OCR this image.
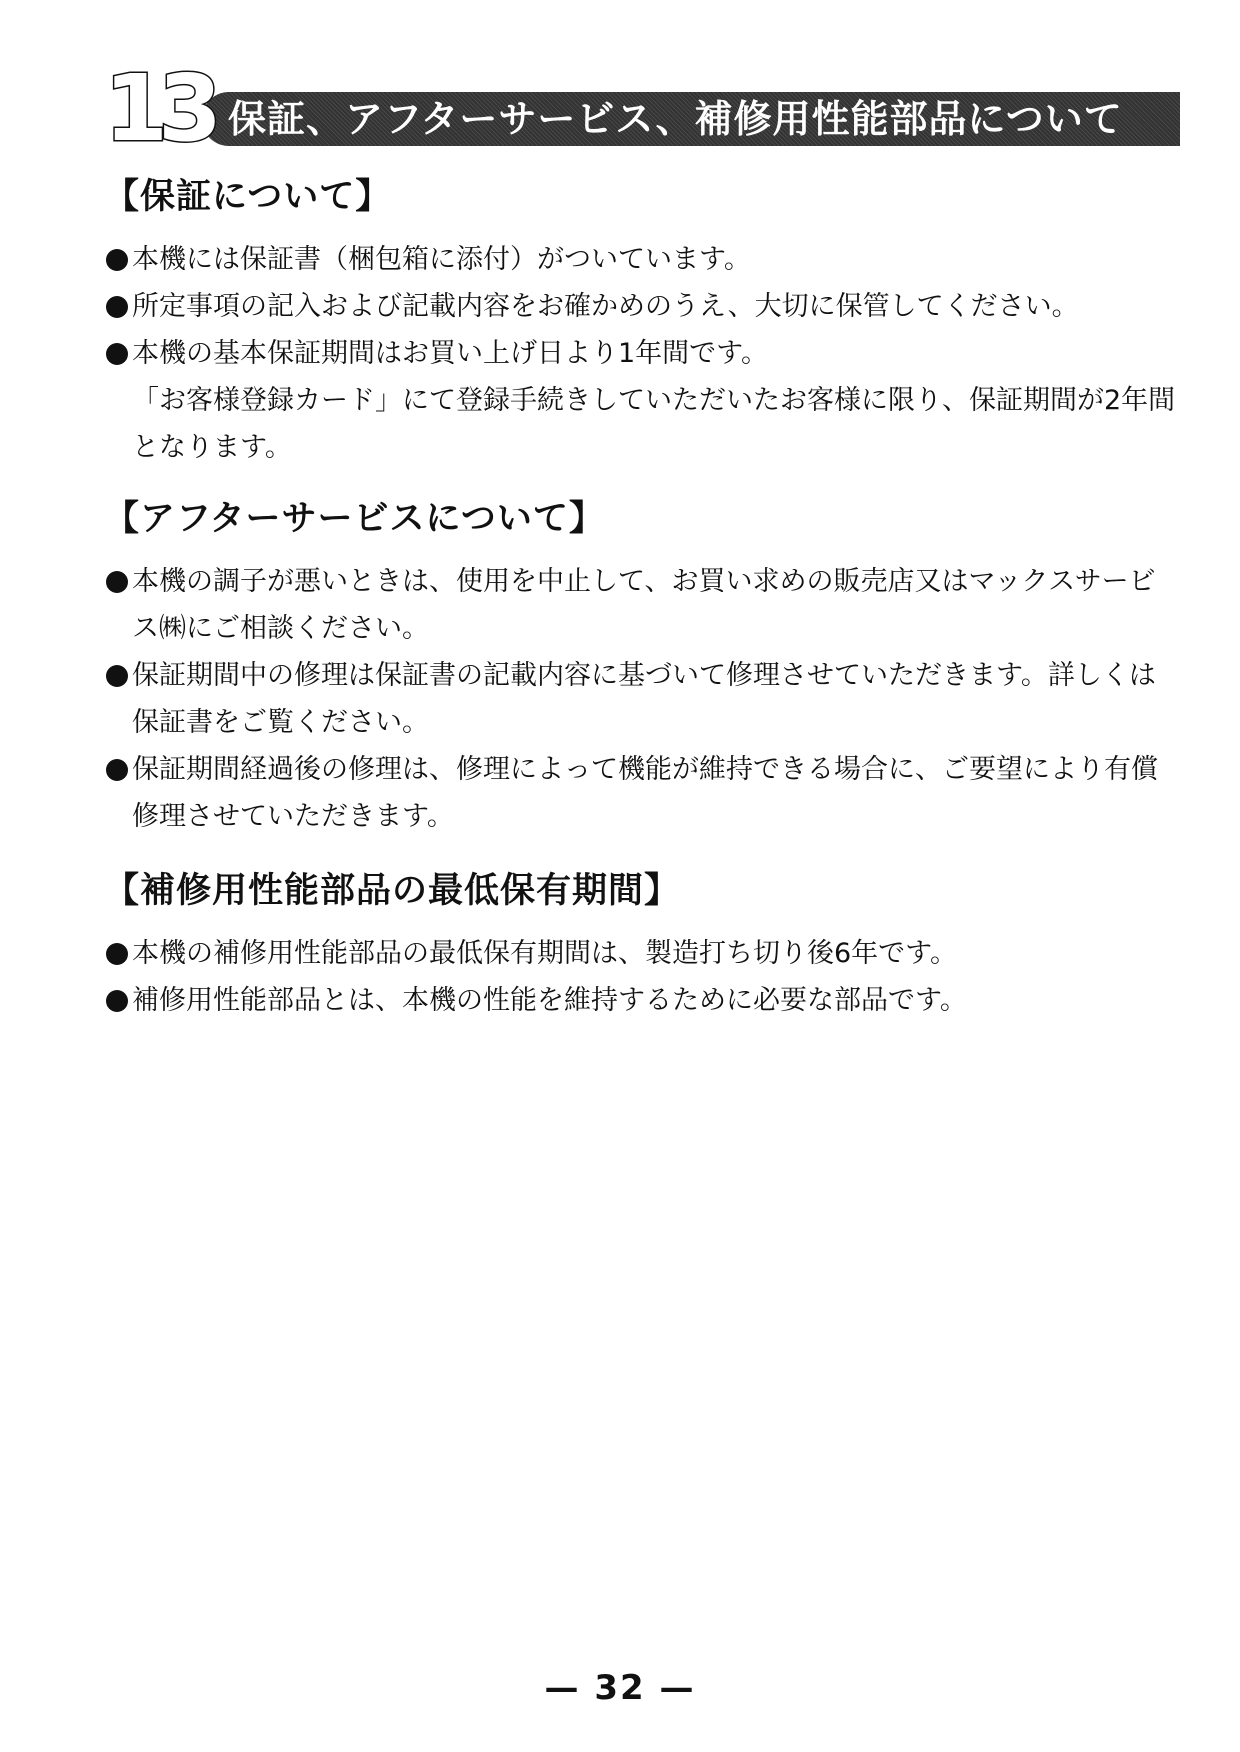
13 保証、アフターサービス、補修用性能部品について
【保証について】
本機には保証書（梱包箱に添付）がついています。
所定事項の記入および記載内容をお確かめのうえ、大切に保管してください。
本機の基本保証期間はお買い上げ日より1年間です。
「お客様登録カード」にて登録手続きしていただいたお客様に限り、保証期間が2年間となります。
【アフターサービスについて】
本機の調子が悪いときは、使用を中止して、お買い求めの販売店又はマックスサービス㈱にご相談ください。
保証期間中の修理は保証書の記載内容に基づいて修理させていただきます。詳しくは保証書をご覧ください。
保証期間経過後の修理は、修理によって機能が維持できる場合に、ご要望により有償修理させていただきます。
【補修用性能部品の最低保有期間】
本機の補修用性能部品の最低保有期間は、製造打ち切り後6年です。
補修用性能部品とは、本機の性能を維持するために必要な部品です。
— 32 —
